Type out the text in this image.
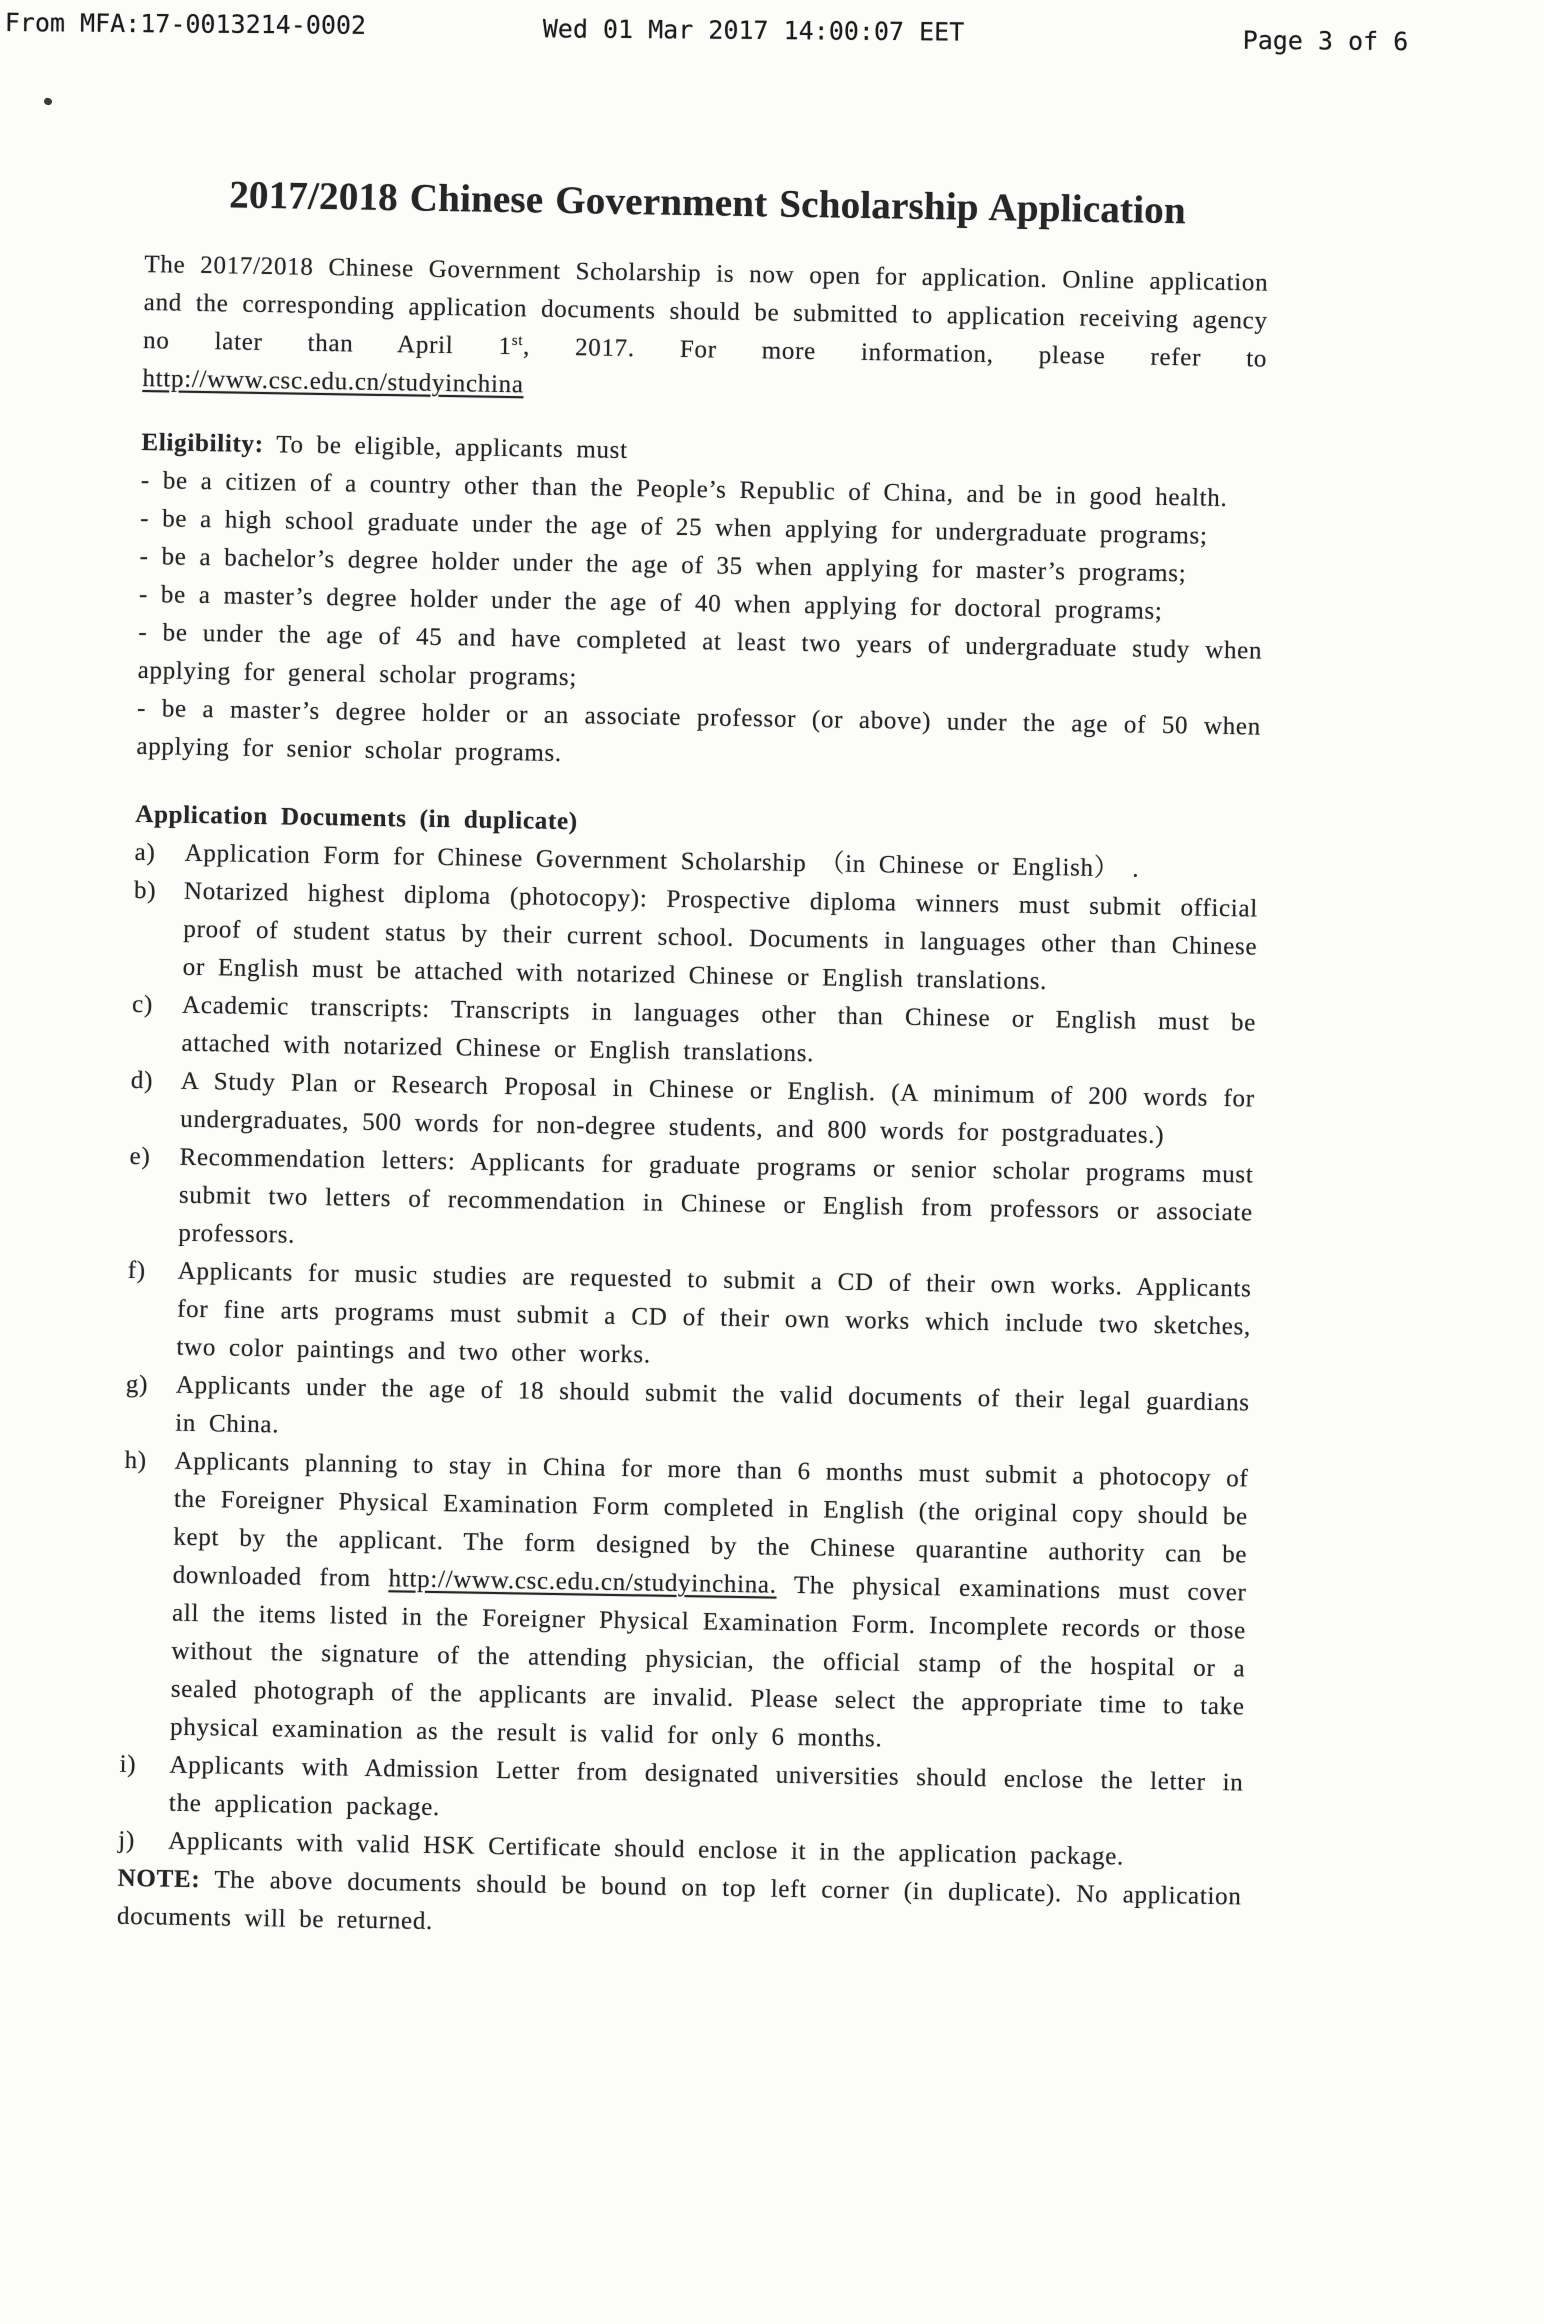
From MFA:17-0013214-0002	Wed 01 Mar 2017 14:00:07 EET	Page 3 of 6
2017/2018 Chinese Government Scholarship Application

The 2017/2018 Chinese Government Scholarship is now open for application. Online application and the corresponding application documents should be submitted to application receiving agency no later than April 1st, 2017. For more information, please refer to http://www.csc.edu.cn/studyinchina

Eligibility: To be eligible, applicants must

- be a citizen of a country other than the People’s Republic of China, and be in good health.

- be a high school graduate under the age of 25 when applying for undergraduate programs;

- be a bachelor’s degree holder under the age of 35 when applying for master’s programs;

- be a master’s degree holder under the age of 40 when applying for doctoral programs;

- be under the age of 45 and have completed at least two years of undergraduate study when applying for general scholar programs;

- be a master’s degree holder or an associate professor (or above) under the age of 50 when applying for senior scholar programs.

Application Documents (in duplicate)

a)	Application Form for Chinese Government Scholarship （in Chinese or English） .
b)	Notarized highest diploma (photocopy): Prospective diploma winners must submit official proof of student status by their current school. Documents in languages other than Chinese or English must be attached with notarized Chinese or English translations.
c)	Academic transcripts: Transcripts in languages other than Chinese or English must be attached with notarized Chinese or English translations.
d)	A Study Plan or Research Proposal in Chinese or English. (A minimum of 200 words for undergraduates, 500 words for non-degree students, and 800 words for postgraduates.)
e)	Recommendation letters: Applicants for graduate programs or senior scholar programs must submit two letters of recommendation in Chinese or English from professors or associate professors.
f)	Applicants for music studies are requested to submit a CD of their own works. Applicants for fine arts programs must submit a CD of their own works which include two sketches, two color paintings and two other works.
g)	Applicants under the age of 18 should submit the valid documents of their legal guardians in China.
h)	Applicants planning to stay in China for more than 6 months must submit a photocopy of the Foreigner Physical Examination Form completed in English (the original copy should be kept by the applicant. The form designed by the Chinese quarantine authority can be downloaded from http://www.csc.edu.cn/studyinchina. The physical examinations must cover all the items listed in the Foreigner Physical Examination Form. Incomplete records or those without the signature of the attending physician, the official stamp of the hospital or a sealed photograph of the applicants are invalid. Please select the appropriate time to take physical examination as the result is valid for only 6 months.
i)	Applicants with Admission Letter from designated universities should enclose the letter in the application package.
j)	Applicants with valid HSK Certificate should enclose it in the application package.

NOTE: The above documents should be bound on top left corner (in duplicate). No application documents will be returned.
